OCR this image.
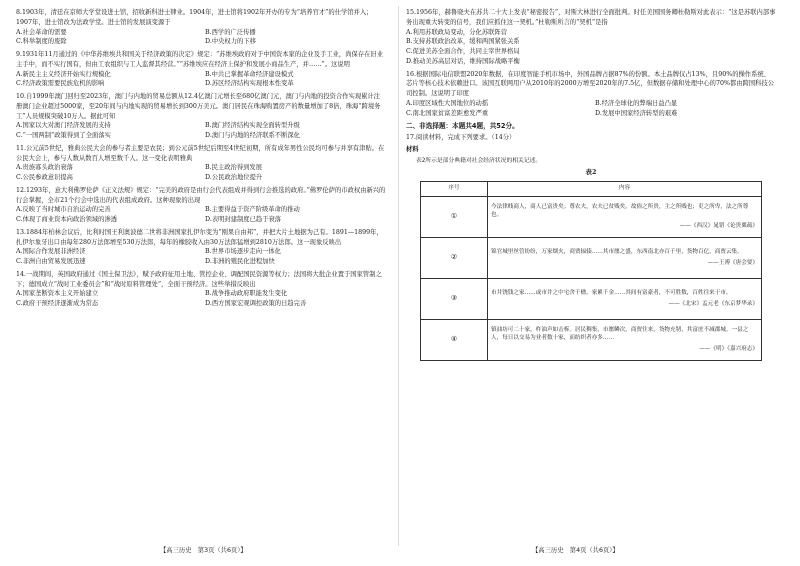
8.1903年，清廷在京师大学堂设进士馆，招收新科进士肄业。1904年，进士馆将1902年开办的专为“培养官才”的仕学馆并入；1907年，进士馆改为法政学堂。进士馆的发展演变源于
A.社会革命的需要	B.西学的广泛传播
C.科举制度的废除	D.中央权力的下移
9.1931年11月通过的《中华苏维埃共和国关于经济政策的决定》规定：“苏维埃政府对于中国资本家的企业及手工业，尚保存在旧业主手中，而不实行国有，但由工农组织与工人监督其经营。”“苏维埃应在经济上保护和发展小商品生产，并……”。这说明
A.新民主主义经济开始实行规模化	B.中共已掌握革命经济建设模式
C.经济政策需要民族危机的影响	D.苏区经济结构实现根本性变革
10.自1999年澳门回归至2023年，澳门与内地的贸易总额从12.4亿澳门元增长至680亿澳门元，澳门与内地的投资合作实现累计注册澳门企业超过5000家，至20年间与内地实现的贸易增长到300万美元。澳门居民在珠海购置房产的数量增加了8倍，珠海“跨境务工”人员规模突破10万人。据此可知
A.国家以大对澳门经济发展的支持	B.澳门经济结构实现全面转型升级
C.“一国两制”政策得到了全面落实	D.澳门与内地的经济联系不断深化
11.公元前5世纪，雅典公民大会的参与者主要是农民；到公元前5世纪后期至4世纪初期，所有成年男性公民均可参与并享有津贴。在公民大会上，参与人数从数百人增至数千人。这一变化表明雅典
A.贵族寡头政治衰落	B.民主政治得到发展
C.公民参政意识提高	D.公民政治地位提升
12.1293年，意大利佛罗伦萨《正义法规》规定：“完美的政府是由行会代表组成并得到行会推选的政府。”佛罗伦萨的市政权由新兴的行会掌握，全市21个行会中选出的代表组成政府。这种现象的出现
A.反映了当时城市自治运动的完善	B.主要得益于资产阶级革命的推动
C.体现了商业资本向政治领域的渗透	D.表明封建制度已趋于衰落
13.1884年柏林会议后，比利时国王利奥波德二世将非洲国家扎伊尔变为“刚果自由邦”，并把大片土地据为己有。1891—1899年，扎伊尔象牙出口由每年280万法郎增至530万法郎，每年的橡胶收入由30万法郎猛增到2810万法郎。这一现象反映出
A.国际合作发展非洲经济	B.世界市场逐步走向一体化
C.非洲自由贸易发展迅速	D.非洲的殖民化进程加快
14.一战期间，英国政府通过《国土保卫法》，赋予政府征用土地、管控企业、调配国民资源等权力；法国将大批企业置于国家管制之下；德国成立“战时工业委员会”和“战时原料管理处”，全面干预经济。这些举措反映出
A.国家垄断资本主义开始建立	B.战争推动政府职能发生变化
C.政府干预经济逐渐成为常态	D.西方国家宏观调控政策的日趋完善
15.1956年，赫鲁晓夫在苏共二十大上发表“秘密报告”，对斯大林进行全面批判。时任美国国务卿杜勒斯对此表示：“这是苏联内部事务出现重大转变的信号，我们应抓住这一契机。”杜勒斯所言的“契机”是指
A.利用苏联政局变动，分化苏联阵营
B.支持苏联政治改革，缓和两国紧张关系
C.促进美苏全面合作，共同主宰世界格局
D.推动美苏高层对话，维持国际战略平衡
16.根据国际电信联盟2020年数据，在印度智能手机市场中，外国品牌占据87%的份额。本土品牌仅占13%，且90%的操作系统、芯片等核心技术依赖进口。该国互联网用户从2010年的2000万增至2020年的7.5亿，但数据存储和处理中心的70%都由跨国科技公司控制。这说明了印度
A.印度区域性大国地位的动摇	B.经济全球化的弊端日益凸显
C.南北国家贫富差距愈发严重	D.发展中国家经济转型的艰难
二、非选择题：本题共4题，共52分。
17.阅读材料，完成下列要求。（14分）
材料
表2所示是部分典籍对社会经济状况的相关记述。
表2
序号	内容
①	今法律贱商人，商人已富贵矣；尊农夫，农夫已贫贱矣。故俗之所贵，主之所贱也；吏之所卑，法之所尊也。
——《西汉》晁错《论贵粟疏》

②	锦官城里丝管纷纷，万家烟火，商贾辐辏……其市廛之盛，东西南北亦百千里，货物百亿，商贾云集。
——王溥《唐会要》

③	市井饶钱之家……或市井之中宅舍千楹，家累千金……其间有富豪者，不可胜数，百姓往来于市。
——《北宋》孟元老《东京梦华录》

④	镇油坊可二十家，杵油声如击柝。居民稠集，市廛鳞次，商贾往来，货物充牣，其富庶不减郡城。一县之人，每日以交易为业者数十家，而纺织者亦多……
——《明》《嘉兴府志》
【高三历史　第3页（共6页）】	【高三历史　第4页（共6页）】
